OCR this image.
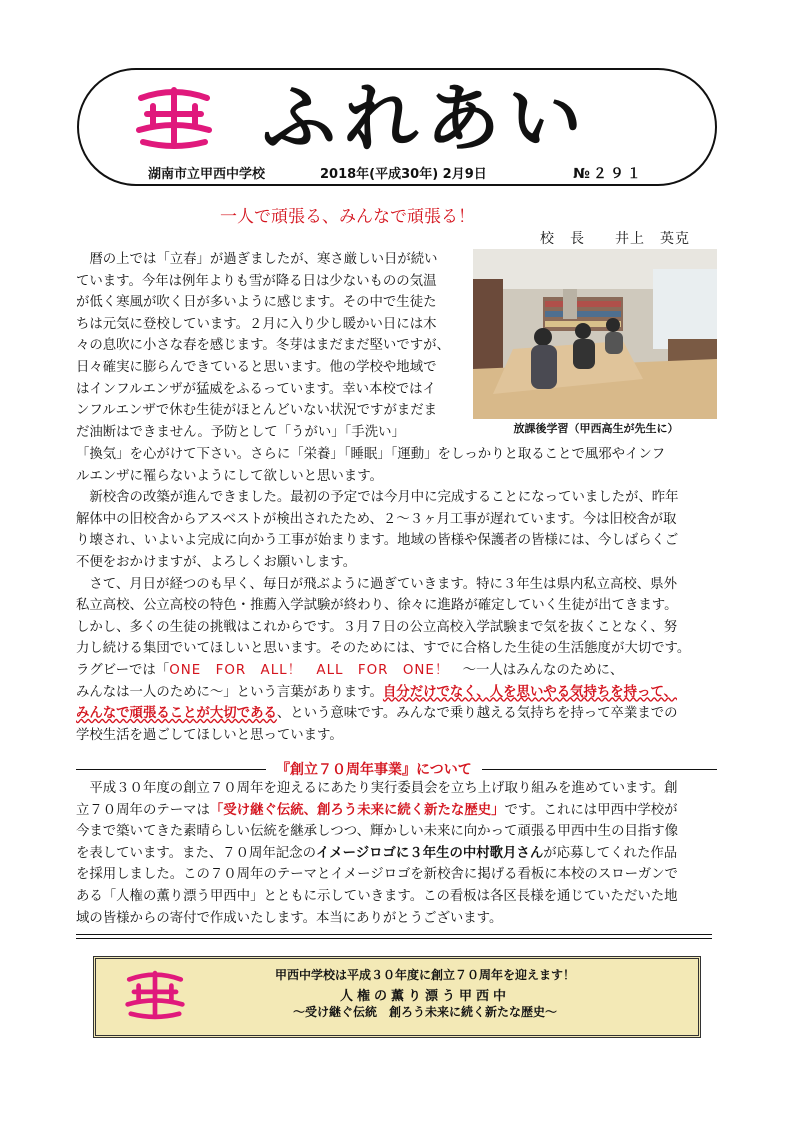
ふれあい
湖南市立甲西中学校	2018年(平成30年) 2月9日	№２９１
一人で頑張る、みんなで頑張る！
校　長　　井上　英克
放課後学習（甲西高生が先生に）
　暦の上では「立春」が過ぎましたが、寒さ厳しい日が続い
ています。今年は例年よりも雪が降る日は少ないものの気温
が低く寒風が吹く日が多いように感じます。その中で生徒た
ちは元気に登校しています。２月に入り少し暖かい日には木
々の息吹に小さな春を感じます。冬芽はまだまだ堅いですが、
日々確実に膨らんできていると思います。他の学校や地域で
はインフルエンザが猛威をふるっています。幸い本校ではイ
ンフルエンザで休む生徒がほとんどいない状況ですがまだま
だ油断はできません。予防として「うがい」「手洗い」
「換気」を心がけて下さい。さらに「栄養」「睡眠」「運動」をしっかりと取ることで風邪やインフ
ルエンザに罹らないようにして欲しいと思います。
　新校舎の改築が進んできました。最初の予定では今月中に完成することになっていましたが、昨年
解体中の旧校舎からアスベストが検出されたため、２～３ヶ月工事が遅れています。今は旧校舎が取
り壊され、いよいよ完成に向かう工事が始まります。地域の皆様や保護者の皆様には、今しばらくご
不便をおかけますが、よろしくお願いします。
　さて、月日が経つのも早く、毎日が飛ぶように過ぎていきます。特に３年生は県内私立高校、県外
私立高校、公立高校の特色・推薦入学試験が終わり、徐々に進路が確定していく生徒が出てきます。
しかし、多くの生徒の挑戦はこれからです。３月７日の公立高校入学試験まで気を抜くことなく、努
力し続ける集団でいてほしいと思います。そのためには、すでに合格した生徒の生活態度が大切です。
ラグビーでは「ONE　FOR　ALL！　ALL　FOR　ONE！　～一人はみんなのために、
みんなは一人のために～」という言葉があります。自分だけでなく、人を思いやる気持ちを持って、
みんなで頑張ることが大切である、という意味です。みんなで乗り越える気持ちを持って卒業までの
学校生活を過ごしてほしいと思っています。
『創立７０周年事業』について
　平成３０年度の創立７０周年を迎えるにあたり実行委員会を立ち上げ取り組みを進めています。創
立７０周年のテーマは「受け継ぐ伝統、創ろう未来に続く新たな歴史」です。これには甲西中学校が
今まで築いてきた素晴らしい伝統を継承しつつ、輝かしい未来に向かって頑張る甲西中生の目指す像
を表しています。また、７０周年記念のイメージロゴに３年生の中村歌月さんが応募してくれた作品
を採用しました。この７０周年のテーマとイメージロゴを新校舎に掲げる看板に本校のスローガンで
ある「人権の薫り漂う甲西中」とともに示していきます。この看板は各区長様を通じていただいた地
域の皆様からの寄付で作成いたします。本当にありがとうございます。
甲西中学校は平成３０年度に創立７０周年を迎えます！
人権の薫り漂う甲西中
～受け継ぐ伝統　創ろう未来に続く新たな歴史～
